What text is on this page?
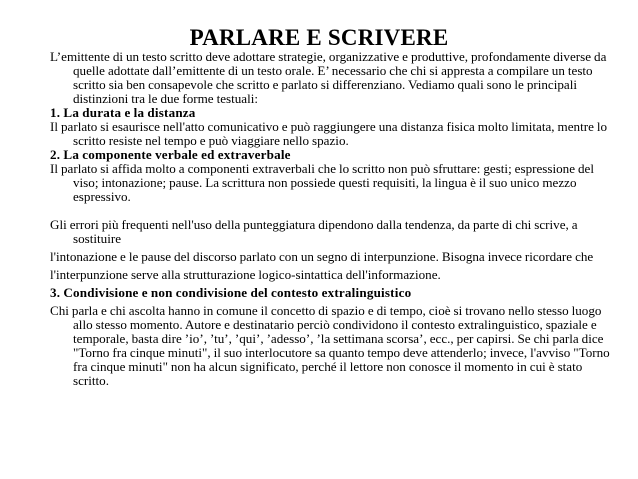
PARLARE E SCRIVERE

L’emittente di un testo scritto deve adottare strategie, organizzative e produttive, profondamente diverse da quelle adottate dall’emittente di un testo orale. E’ necessario che chi si appresta a compilare un testo scritto sia ben consapevole che scritto e parlato si differenziano. Vediamo quali sono le principali distinzioni tra le due forme testuali:

1. La durata e la distanza

Il parlato si esaurisce nell'atto comunicativo e può raggiungere una distanza fisica molto limitata, mentre lo scritto resiste nel tempo e può viaggiare nello spazio.

2. La componente verbale ed extraverbale

Il parlato si affida molto a componenti extraverbali che lo scritto non può sfruttare: gesti; espressione del viso; intonazione; pause. La scrittura non possiede questi requisiti, la lingua è il suo unico mezzo espressivo.

Gli errori più frequenti nell'uso della punteggiatura dipendono dalla tendenza, da parte di chi scrive, a sostituire

l'intonazione e le pause del discorso parlato con un segno di interpunzione. Bisogna invece ricordare che

l'interpunzione serve alla strutturazione logico-sintattica dell'informazione.

3. Condivisione e non condivisione del contesto extralinguistico

Chi parla e chi ascolta hanno in comune il concetto di spazio e di tempo, cioè si trovano nello stesso luogo allo stesso momento. Autore e destinatario perciò condividono il contesto extralinguistico, spaziale e temporale, basta dire ’io’, ’tu’, ’qui’, ’adesso’, ’la settimana scorsa’, ecc., per capirsi. Se chi parla dice "Torno fra cinque minuti", il suo interlocutore sa quanto tempo deve attenderlo; invece, l'avviso "Torno fra cinque minuti" non ha alcun significato, perché il lettore non conosce il momento in cui è stato scritto.
